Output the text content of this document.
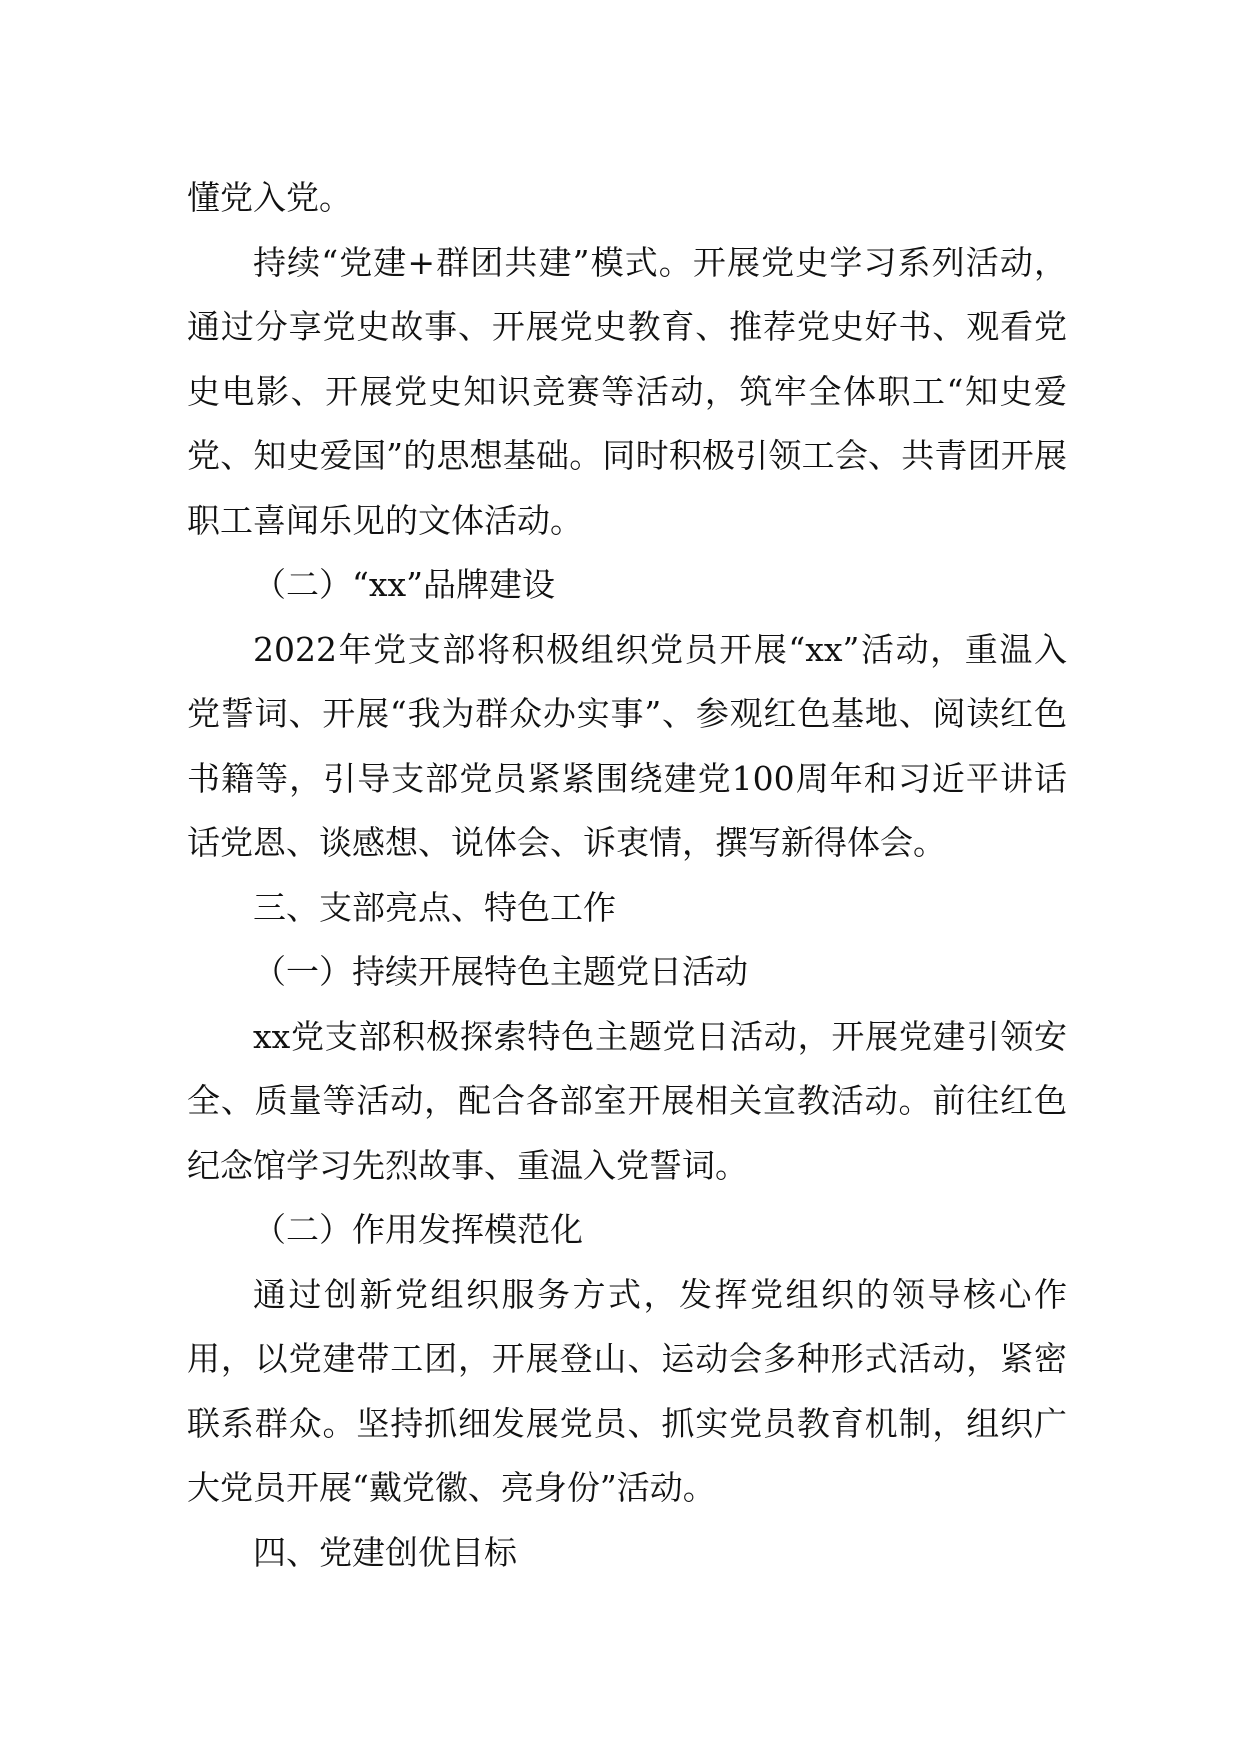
懂党入党。

持续“党建+群团共建”模式。开展党史学习系列活动，通过分享党史故事、开展党史教育、推荐党史好书、观看党史电影、开展党史知识竞赛等活动，筑牢全体职工“知史爱党、知史爱国”的思想基础。同时积极引领工会、共青团开展职工喜闻乐见的文体活动。

（二）“xx”品牌建设

2022年党支部将积极组织党员开展“xx”活动，重温入党誓词、开展“我为群众办实事”、参观红色基地、阅读红色书籍等，引导支部党员紧紧围绕建党100周年和习近平讲话话党恩、谈感想、说体会、诉衷情，撰写新得体会。

三、支部亮点、特色工作

（一）持续开展特色主题党日活动

xx党支部积极探索特色主题党日活动，开展党建引领安全、质量等活动，配合各部室开展相关宣教活动。前往红色纪念馆学习先烈故事、重温入党誓词。

（二）作用发挥模范化

通过创新党组织服务方式，发挥党组织的领导核心作用，以党建带工团，开展登山、运动会多种形式活动，紧密联系群众。坚持抓细发展党员、抓实党员教育机制，组织广大党员开展“戴党徽、亮身份”活动。

四、党建创优目标
